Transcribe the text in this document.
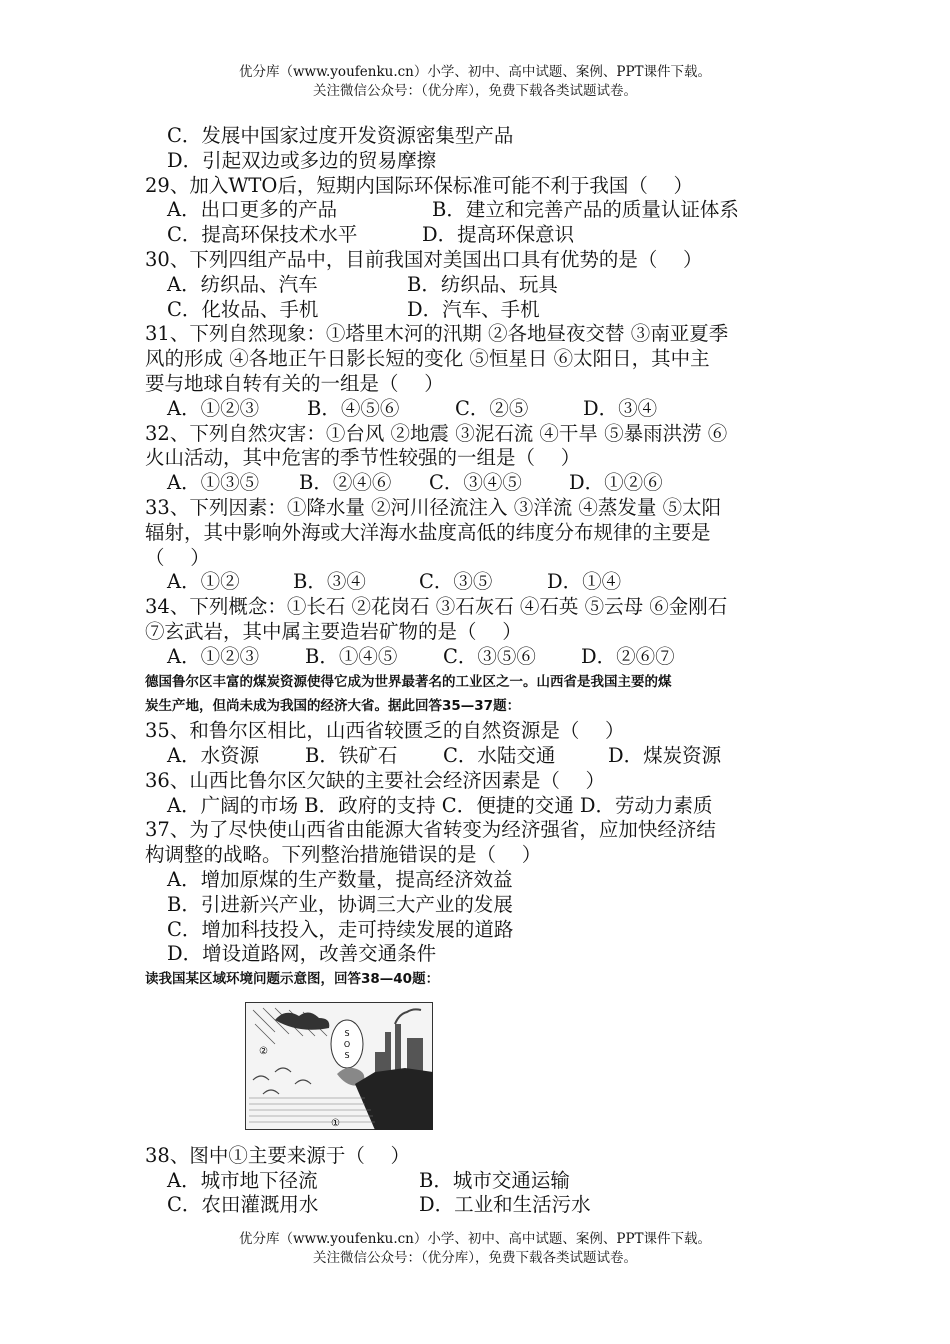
优分库（www.youfenku.cn）小学、初中、高中试题、案例、PPT课件下载。
关注微信公众号：（优分库），免费下载各类试题试卷。
C．发展中国家过度开发资源密集型产品
D．引起双边或多边的贸易摩擦
29、加入WTO后，短期内国际环保标准可能不利于我国（　 ）
A．出口更多的产品	B．建立和完善产品的质量认证体系
C．提高环保技术水平	D．提高环保意识
30、下列四组产品中，目前我国对美国出口具有优势的是（　 ）
A．纺织品、汽车	B．纺织品、玩具
C．化妆品、手机	D．汽车、手机
31、下列自然现象：①塔里木河的汛期 ②各地昼夜交替 ③南亚夏季
风的形成 ④各地正午日影长短的变化 ⑤恒星日 ⑥太阳日，其中主
要与地球自转有关的一组是（　 ）
A．①②③ B．④⑤⑥	C．②⑤	D．③④
32、下列自然灾害：①台风 ②地震 ③泥石流 ④干旱 ⑤暴雨洪涝 ⑥
火山活动，其中危害的季节性较强的一组是（　 ）
A．①③⑤ B．②④⑥ C．③④⑤ D．①②⑥
33、下列因素：①降水量 ②河川径流注入 ③洋流 ④蒸发量 ⑤太阳
辐射，其中影响外海或大洋海水盐度高低的纬度分布规律的主要是
（　 ）
A．①②	B．③④	C．③⑤	D．①④
34、下列概念：①长石 ②花岗石 ③石灰石 ④石英 ⑤云母 ⑥金刚石
⑦玄武岩，其中属主要造岩矿物的是（　 ）
A．①②③ B．①④⑤ C．③⑤⑥ D．②⑥⑦
德国鲁尔区丰富的煤炭资源使得它成为世界最著名的工业区之一。山西省是我国主要的煤
炭生产地，但尚未成为我国的经济大省。据此回答35—37题：
35、和鲁尔区相比，山西省较匮乏的自然资源是（　 ）
A．水资源 B．铁矿石 C．水陆交通	D．煤炭资源
36、山西比鲁尔区欠缺的主要社会经济因素是（　 ）
A．广阔的市场 B．政府的支持 C．便捷的交通 D．劳动力素质
37、为了尽快使山西省由能源大省转变为经济强省，应加快经济结
构调整的战略。下列整治措施错误的是（　 ）
A．增加原煤的生产数量，提高经济效益
B．引进新兴产业，协调三大产业的发展
C．增加科技投入，走可持续发展的道路
D．增设道路网，改善交通条件
读我国某区域环境问题示意图，回答38—40题：
S
O
S
②
①
38、图中①主要来源于（　 ）
A．城市地下径流	B．城市交通运输
C．农田灌溉用水	D．工业和生活污水
优分库（www.youfenku.cn）小学、初中、高中试题、案例、PPT课件下载。
关注微信公众号：（优分库），免费下载各类试题试卷。
